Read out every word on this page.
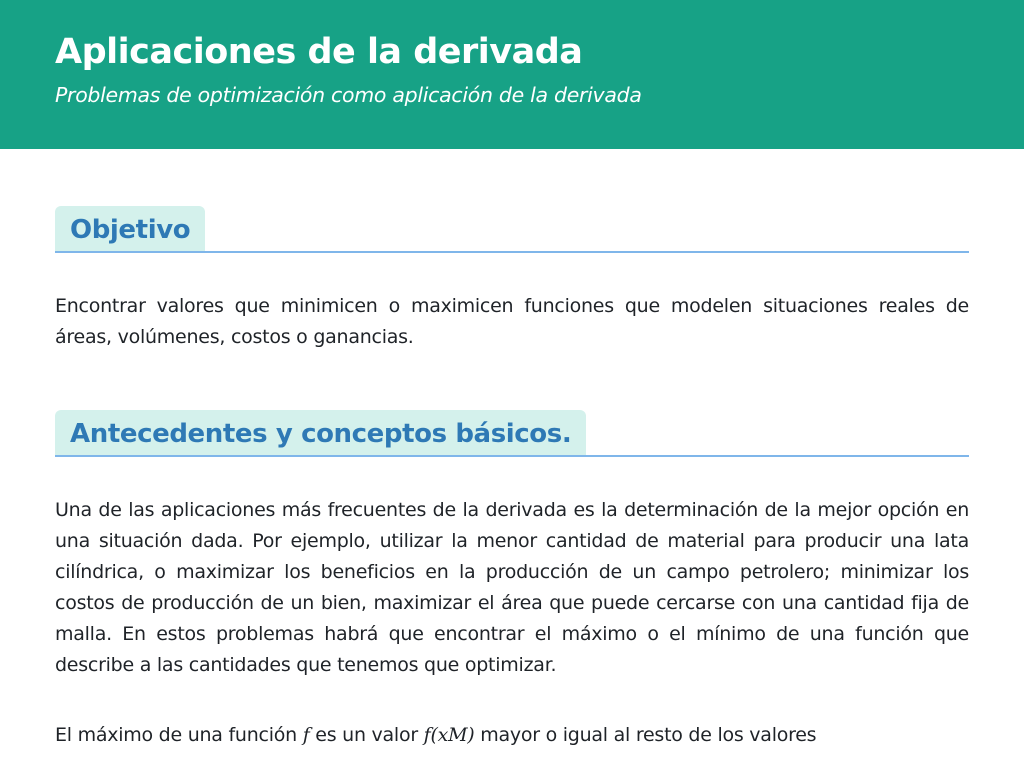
Aplicaciones de la derivada

Problemas de optimización como aplicación de la derivada

Objetivo

Encontrar valores que minimicen o maximicen funciones que modelen situaciones reales de áreas, volúmenes, costos o ganancias.

Antecedentes y conceptos básicos.

Una de las aplicaciones más frecuentes de la derivada es la determinación de la mejor opción en una situación dada. Por ejemplo, utilizar la menor cantidad de material para producir una lata cilíndrica, o maximizar los beneficios en la producción de un campo petrolero; minimizar los costos de producción de un bien, maximizar el área que puede cercarse con una cantidad fija de malla. En estos problemas habrá que encontrar el máximo o el mínimo de una función que describe a las cantidades que tenemos que optimizar.

El máximo de una función f es un valor f(xM) mayor o igual al resto de los valores
